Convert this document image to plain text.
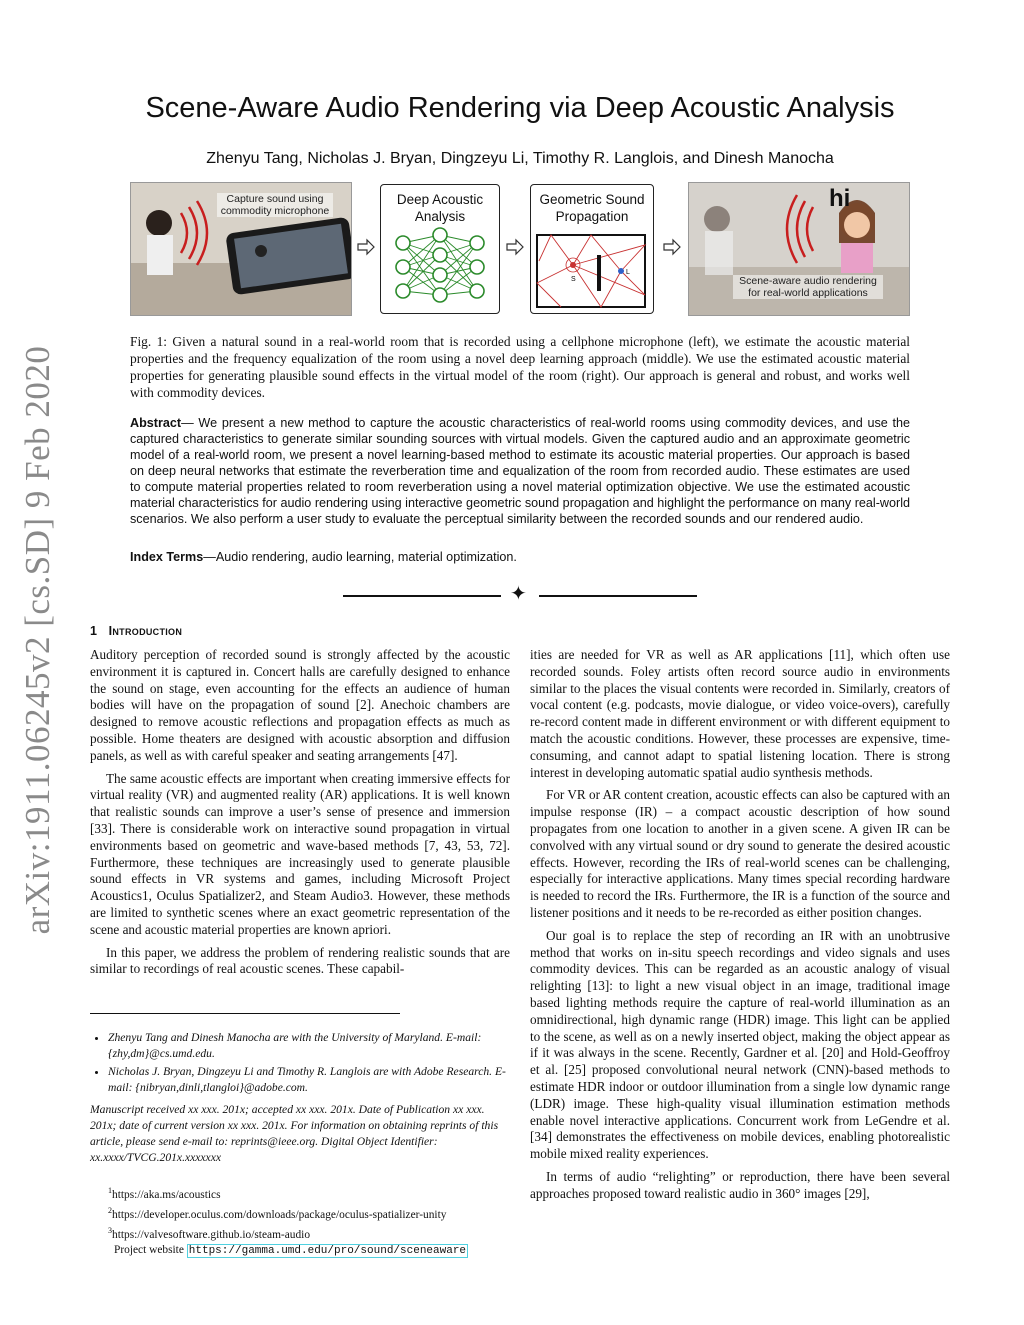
arXiv:1911.06245v2 [cs.SD] 9 Feb 2020
Scene-Aware Audio Rendering via Deep Acoustic Analysis
Zhenyu Tang, Nicholas J. Bryan, Dingzeyu Li, Timothy R. Langlois, and Dinesh Manocha
Capture sound using commodity microphone
Deep Acoustic Analysis
Geometric Sound Propagation
S
L
hi
Scene-aware audio rendering for real-world applications
Fig. 1: Given a natural sound in a real-world room that is recorded using a cellphone microphone (left), we estimate the acoustic material properties and the frequency equalization of the room using a novel deep learning approach (middle). We use the estimated acoustic material properties for generating plausible sound effects in the virtual model of the room (right). Our approach is general and robust, and works well with commodity devices.
Abstract— We present a new method to capture the acoustic characteristics of real-world rooms using commodity devices, and use the captured characteristics to generate similar sounding sources with virtual models. Given the captured audio and an approximate geometric model of a real-world room, we present a novel learning-based method to estimate its acoustic material properties. Our approach is based on deep neural networks that estimate the reverberation time and equalization of the room from recorded audio. These estimates are used to compute material properties related to room reverberation using a novel material optimization objective. We use the estimated acoustic material characteristics for audio rendering using interactive geometric sound propagation and highlight the performance on many real-world scenarios. We also perform a user study to evaluate the perceptual similarity between the recorded sounds and our rendered audio.
Index Terms—Audio rendering, audio learning, material optimization.
✦
1 Introduction

Auditory perception of recorded sound is strongly affected by the acoustic environment it is captured in. Concert halls are carefully designed to enhance the sound on stage, even accounting for the effects an audience of human bodies will have on the propagation of sound [2]. Anechoic chambers are designed to remove acoustic reflections and propagation effects as much as possible. Home theaters are designed with acoustic absorption and diffusion panels, as well as with careful speaker and seating arrangements [47].

The same acoustic effects are important when creating immersive effects for virtual reality (VR) and augmented reality (AR) applications. It is well known that realistic sounds can improve a user’s sense of presence and immersion [33]. There is considerable work on interactive sound propagation in virtual environments based on geometric and wave-based methods [7, 43, 53, 72]. Furthermore, these techniques are increasingly used to generate plausible sound effects in VR systems and games, including Microsoft Project Acoustics1, Oculus Spatializer2, and Steam Audio3. However, these methods are limited to synthetic scenes where an exact geometric representation of the scene and acoustic material properties are known apriori.

In this paper, we address the problem of rendering realistic sounds that are similar to recordings of real acoustic scenes. These capabil-

ities are needed for VR as well as AR applications [11], which often use recorded sounds. Foley artists often record source audio in environments similar to the places the visual contents were recorded in. Similarly, creators of vocal content (e.g. podcasts, movie dialogue, or video voice-overs), carefully re-record content made in different environment or with different equipment to match the acoustic conditions. However, these processes are expensive, time-consuming, and cannot adapt to spatial listening location. There is strong interest in developing automatic spatial audio synthesis methods.

For VR or AR content creation, acoustic effects can also be captured with an impulse response (IR) – a compact acoustic description of how sound propagates from one location to another in a given scene. A given IR can be convolved with any virtual sound or dry sound to generate the desired acoustic effects. However, recording the IRs of real-world scenes can be challenging, especially for interactive applications. Many times special recording hardware is needed to record the IRs. Furthermore, the IR is a function of the source and listener positions and it needs to be re-recorded as either position changes.

Our goal is to replace the step of recording an IR with an unobtrusive method that works on in-situ speech recordings and video signals and uses commodity devices. This can be regarded as an acoustic analogy of visual relighting [13]: to light a new visual object in an image, traditional image based lighting methods require the capture of real-world illumination as an omnidirectional, high dynamic range (HDR) image. This light can be applied to the scene, as well as on a newly inserted object, making the object appear as if it was always in the scene. Recently, Gardner et al. [20] and Hold-Geoffroy et al. [25] proposed convolutional neural network (CNN)-based methods to estimate HDR indoor or outdoor illumination from a single low dynamic range (LDR) image. These high-quality visual illumination estimation methods enable novel interactive applications. Concurrent work from LeGendre et al. [34] demonstrates the effectiveness on mobile devices, enabling photorealistic mobile mixed reality experiences.

In terms of audio “relighting” or reproduction, there have been several approaches proposed toward realistic audio in 360° images [29],

• Zhenyu Tang and Dinesh Manocha are with the University of Maryland. E-mail: {zhy,dm}@cs.umd.edu.
• Nicholas J. Bryan, Dingzeyu Li and Timothy R. Langlois are with Adobe Research. E-mail: {nibryan,dinli,tlangloi}@adobe.com.
Manuscript received xx xxx. 201x; accepted xx xxx. 201x. Date of Publication xx xxx. 201x; date of current version xx xxx. 201x. For information on obtaining reprints of this article, please send e-mail to: reprints@ieee.org. Digital Object Identifier: xx.xxxx/TVCG.201x.xxxxxxx
$^1$https://aka.ms/acoustics
$^2$https://developer.oculus.com/downloads/package/oculus-spatializer-unity
$^3$https://valvesoftware.github.io/steam-audio
Project website https://gamma.umd.edu/pro/sound/sceneaware
